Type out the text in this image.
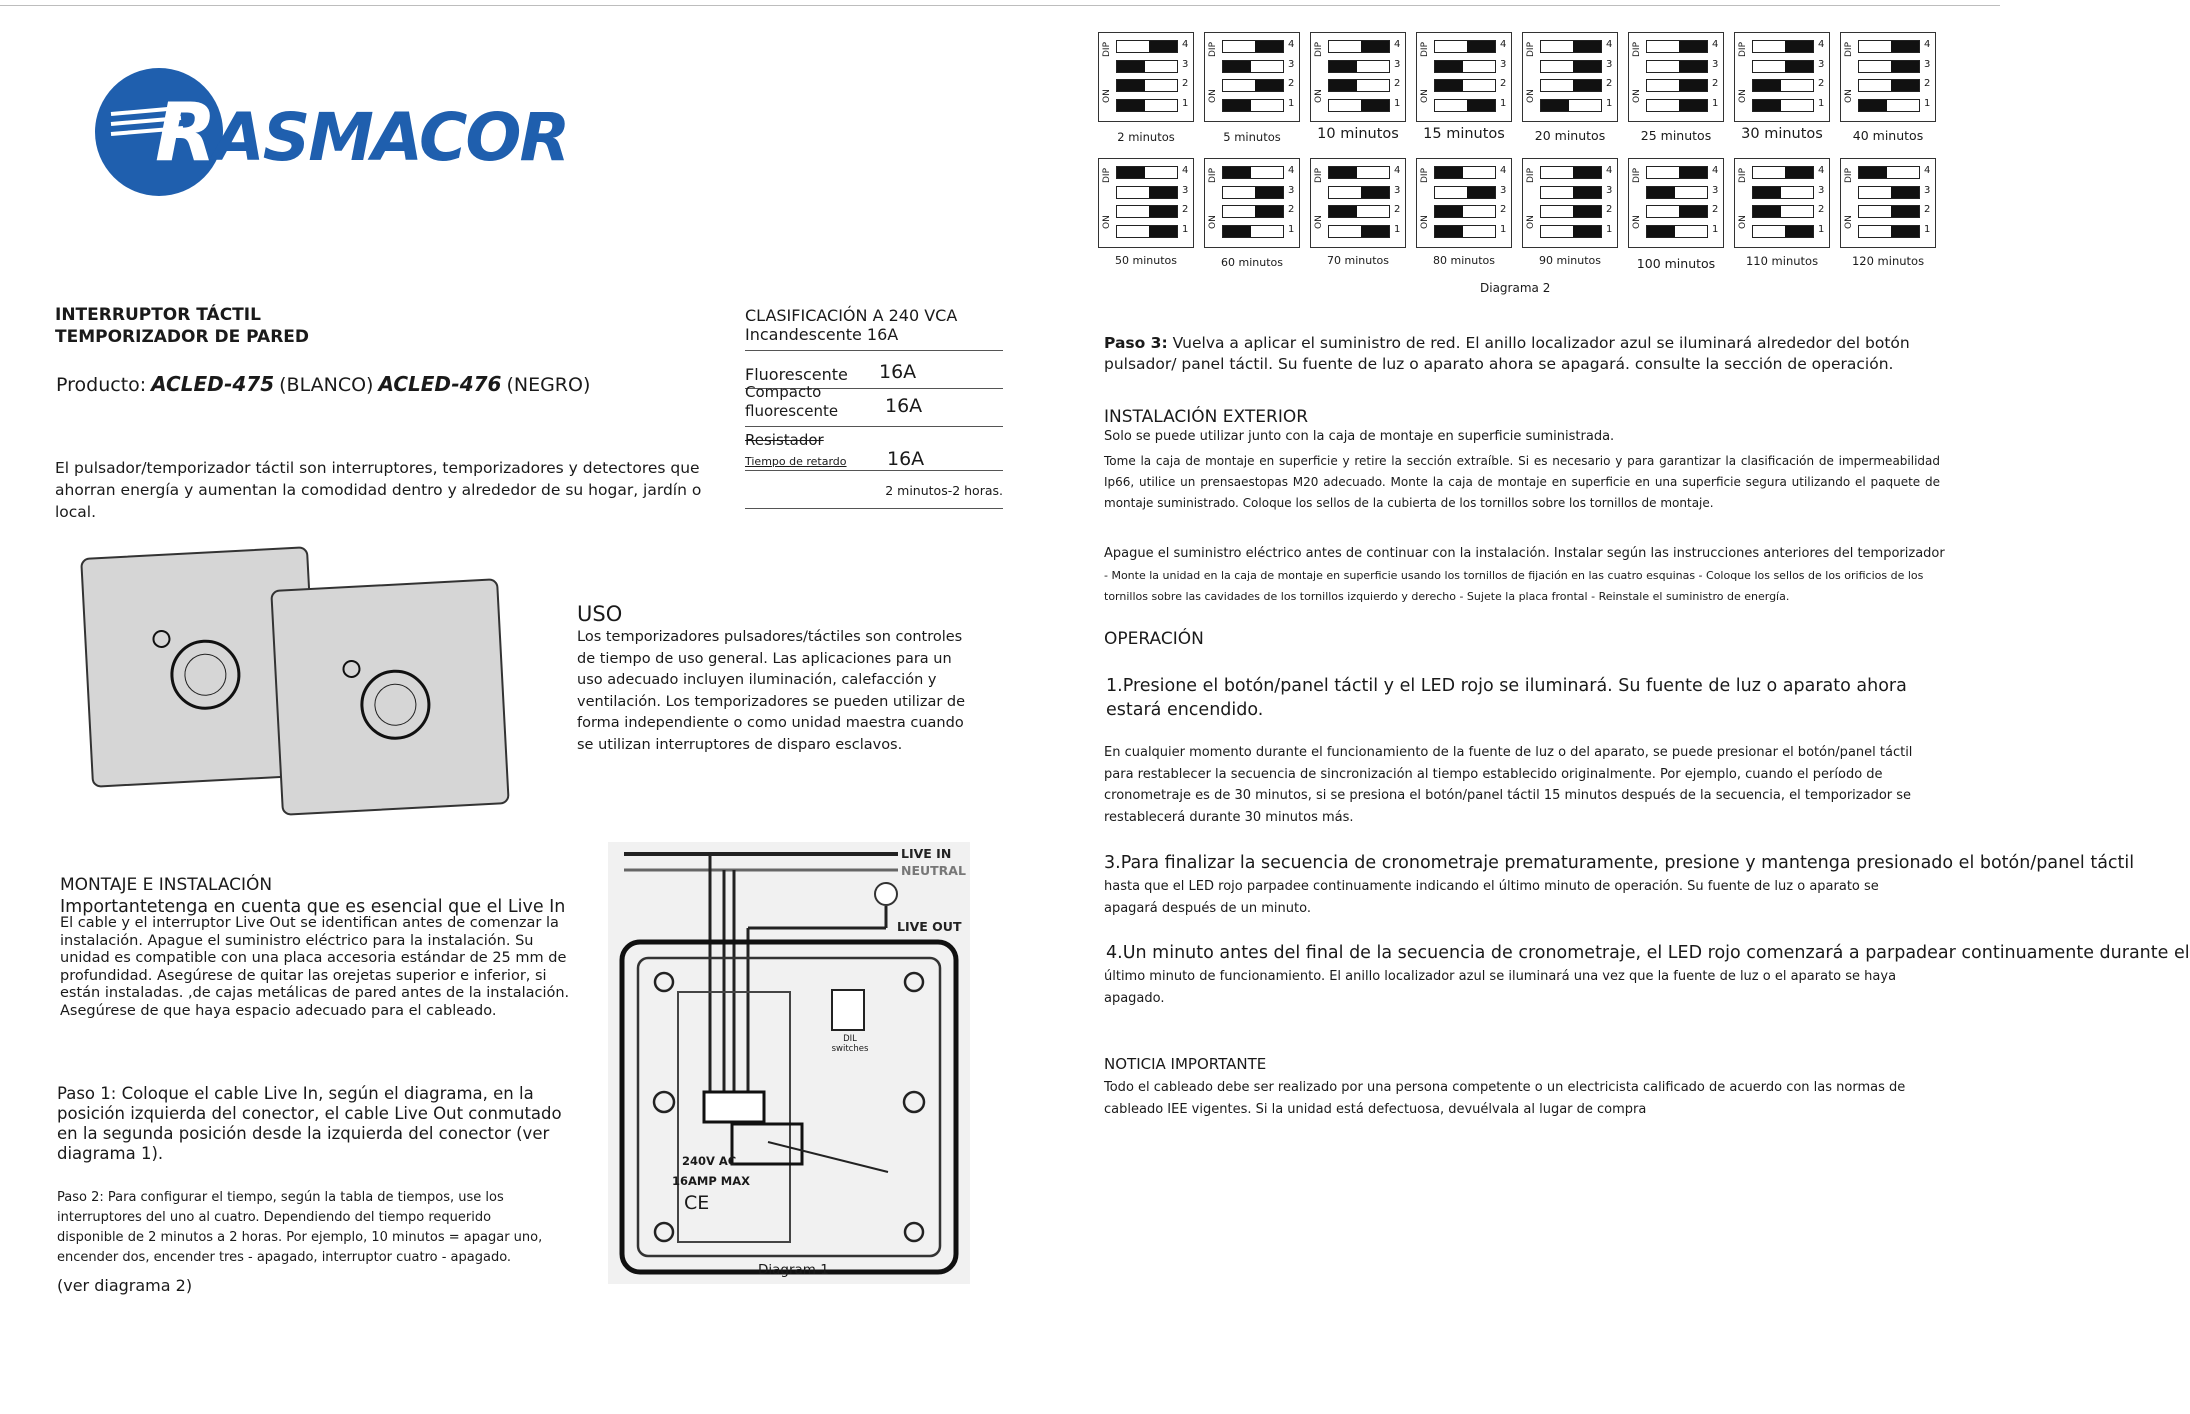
RASMACOR
INTERRUPTOR TÁCTIL
TEMPORIZADOR DE PARED
Producto: ACLED-475 (BLANCO) ACLED-476 (NEGRO)
El pulsador/temporizador táctil son interruptores, temporizadores y detectores que ahorran energía y aumentan la comodidad dentro y alrededor de su hogar, jardín o local.
CLASIFICACIÓN A 240 VCA
Incandescente 16A
Fluorescente 16A
Compacto fluorescente	16A
Resistador
Tiempo de retardo 16A
2 minutos-2 horas.
USO
Los temporizadores pulsadores/táctiles son controles de tiempo de uso general. Las aplicaciones para un uso adecuado incluyen iluminación, calefacción y ventilación. Los temporizadores se pueden utilizar de forma independiente o como unidad maestra cuando se utilizan interruptores de disparo esclavos.
MONTAJE E INSTALACIÓN
Importantetenga en cuenta que es esencial que el Live In
El cable y el interruptor Live Out se identifican antes de comenzar la instalación. Apague el suministro eléctrico para la instalación. Su unidad es compatible con una placa accesoria estándar de 25 mm de profundidad. Asegúrese de quitar las orejetas superior e inferior, si están instaladas. ,de cajas metálicas de pared antes de la instalación. Asegúrese de que haya espacio adecuado para el cableado.
Paso 1: Coloque el cable Live In, según el diagrama, en la posición izquierda del conector, el cable Live Out conmutado en la segunda posición desde la izquierda del conector (ver diagrama 1).
Paso 2: Para configurar el tiempo, según la tabla de tiempos, use los interruptores del uno al cuatro. Dependiendo del tiempo requerido disponible de 2 minutos a 2 horas. Por ejemplo, 10 minutos = apagar uno, encender dos, encender tres - apagado, interruptor cuatro - apagado.
(ver diagrama 2)
LIVE IN
NEUTRAL
LIVE OUT
DIL switches
240V AC
16AMP MAX
CE
Diagram 1
DIP
ON
4
3
2
1
2 minutos
DIP
ON
4
3
2
1
5 minutos
DIP
ON
4
3
2
1
10 minutos
DIP
ON
4
3
2
1
15 minutos
DIP
ON
4
3
2
1
20 minutos
DIP
ON
4
3
2
1
25 minutos
DIP
ON
4
3
2
1
30 minutos
DIP
ON
4
3
2
1
40 minutos
DIP
ON
4
3
2
1
50 minutos
DIP
ON
4
3
2
1
60 minutos
DIP
ON
4
3
2
1
70 minutos
DIP
ON
4
3
2
1
80 minutos
DIP
ON
4
3
2
1
90 minutos
DIP
ON
4
3
2
1
100 minutos
DIP
ON
4
3
2
1
110 minutos
DIP
ON
4
3
2
1
120 minutos
Diagrama 2
Paso 3: Vuelva a aplicar el suministro de red. El anillo localizador azul se iluminará alrededor del botón pulsador/ panel táctil. Su fuente de luz o aparato ahora se apagará. consulte la sección de operación.
INSTALACIÓN EXTERIOR
Solo se puede utilizar junto con la caja de montaje en superficie suministrada.
Tome la caja de montaje en superficie y retire la sección extraíble. Si es necesario y para garantizar la clasificación de impermeabilidad Ip66, utilice un prensaestopas M20 adecuado. Monte la caja de montaje en superficie en una superficie segura utilizando el paquete de montaje suministrado. Coloque los sellos de la cubierta de los tornillos sobre los tornillos de montaje.
Apague el suministro eléctrico antes de continuar con la instalación. Instalar según las instrucciones anteriores del temporizador
- Monte la unidad en la caja de montaje en superficie usando los tornillos de fijación en las cuatro esquinas - Coloque los sellos de los orificios de los tornillos sobre las cavidades de los tornillos izquierdo y derecho - Sujete la placa frontal - Reinstale el suministro de energía.
OPERACIÓN
1.Presione el botón/panel táctil y el LED rojo se iluminará. Su fuente de luz o aparato ahora estará encendido.
En cualquier momento durante el funcionamiento de la fuente de luz o del aparato, se puede presionar el botón/panel táctil para restablecer la secuencia de sincronización al tiempo establecido originalmente. Por ejemplo, cuando el período de cronometraje es de 30 minutos, si se presiona el botón/panel táctil 15 minutos después de la secuencia, el temporizador se restablecerá durante 30 minutos más.
3.Para finalizar la secuencia de cronometraje prematuramente, presione y mantenga presionado el botón/panel táctil
hasta que el LED rojo parpadee continuamente indicando el último minuto de operación. Su fuente de luz o aparato se apagará después de un minuto.
4.Un minuto antes del final de la secuencia de cronometraje, el LED rojo comenzará a parpadear continuamente durante el
último minuto de funcionamiento. El anillo localizador azul se iluminará una vez que la fuente de luz o el aparato se haya apagado.
NOTICIA IMPORTANTE
Todo el cableado debe ser realizado por una persona competente o un electricista calificado de acuerdo con las normas de cableado IEE vigentes. Si la unidad está defectuosa, devuélvala al lugar de compra
